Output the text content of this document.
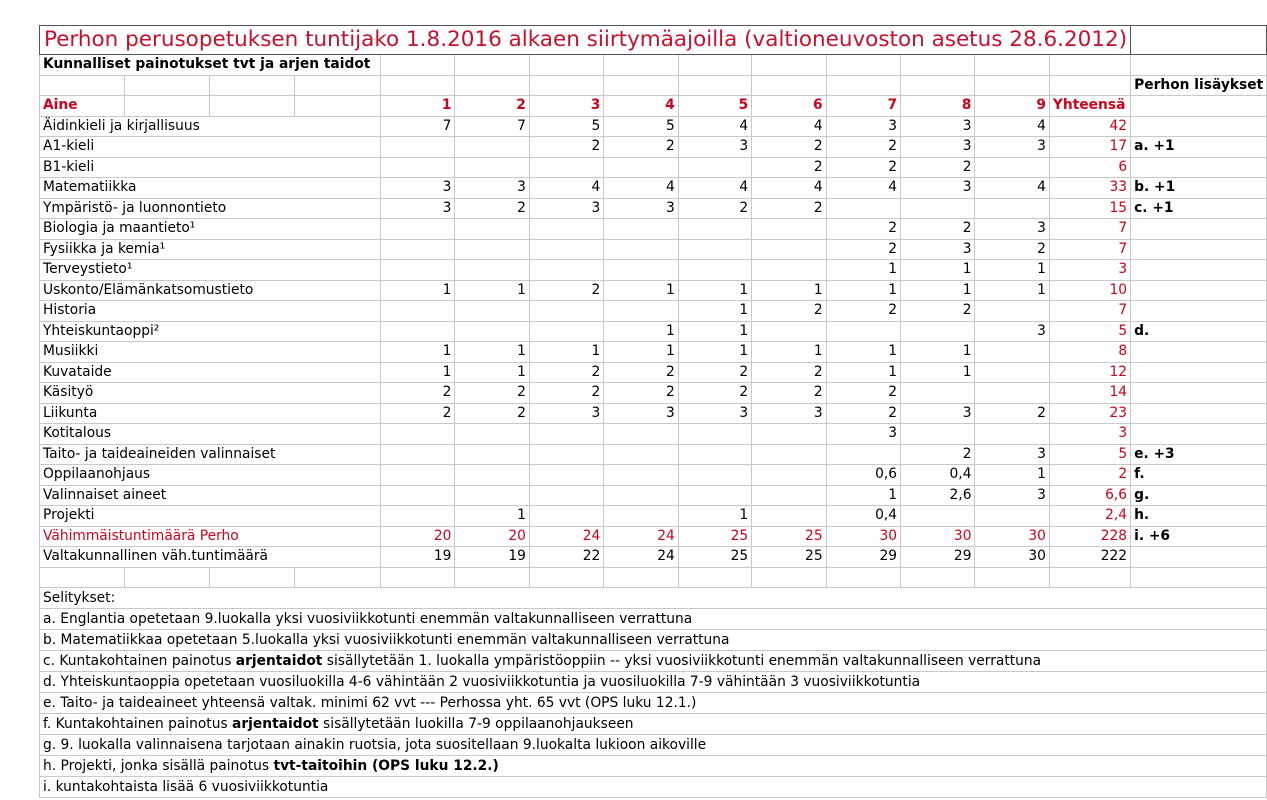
Perhon perusopetuksen tuntijako 1.8.2016 alkaen siirtymäajoilla (valtioneuvoston asetus 28.6.2012)														
Kunnalliset painotukset tvt ja arjen taidot														
														Perhon lisäykset
Aine				1	2	3	4	5	6	7	8	9	Yhteensä	
Äidinkieli ja kirjallisuus				7	7	5	5	4	4	3	3	4	42	
A1-kieli						2	2	3	2	2	3	3	17	a. +1
B1-kieli									2	2	2		6	
Matematiikka				3	3	4	4	4	4	4	3	4	33	b. +1
Ympäristö- ja luonnontieto				3	2	3	3	2	2				15	c. +1
Biologia ja maantieto¹										2	2	3	7	
Fysiikka ja kemia¹										2	3	2	7	
Terveystieto¹										1	1	1	3	
Uskonto/Elämänkatsomustieto				1	1	2	1	1	1	1	1	1	10	
Historia								1	2	2	2		7	
Yhteiskuntaoppi²							1	1				3	5	d.
Musiikki				1	1	1	1	1	1	1	1		8	
Kuvataide				1	1	2	2	2	2	1	1		12	
Käsityö				2	2	2	2	2	2	2			14	
Liikunta				2	2	3	3	3	3	2	3	2	23	
Kotitalous										3			3	
Taito- ja taideaineiden valinnaiset											2	3	5	e. +3
Oppilaanohjaus										0,6	0,4	1	2	f.
Valinnaiset aineet										1	2,6	3	6,6	g.
Projekti					1			1		0,4			2,4	h.
Vähimmäistuntimäärä Perho				20	20	24	24	25	25	30	30	30	228	i. +6
Valtakunnallinen väh.tuntimäärä				19	19	22	24	25	25	29	29	30	222	

Selitykset:														
a. Englantia opetetaan 9.luokalla yksi vuosiviikkotunti enemmän valtakunnalliseen verrattuna														
b. Matematiikkaa opetetaan 5.luokalla yksi vuosiviikkotunti enemmän valtakunnalliseen verrattuna														
c. Kuntakohtainen painotus arjentaidot sisällytetään 1. luokalla ympäristöoppiin -- yksi vuosiviikkotunti enemmän valtakunnalliseen verrattuna														
d. Yhteiskuntaoppia opetetaan vuosiluokilla 4-6 vähintään 2 vuosiviikkotuntia ja vuosiluokilla 7-9 vähintään 3 vuosiviikkotuntia														
e. Taito- ja taideaineet yhteensä valtak. minimi 62 vvt --- Perhossa yht. 65 vvt (OPS luku 12.1.)														
f. Kuntakohtainen painotus arjentaidot sisällytetään luokilla 7-9 oppilaanohjaukseen														
g. 9. luokalla valinnaisena tarjotaan ainakin ruotsia, jota suositellaan 9.luokalta lukioon aikoville														
h. Projekti, jonka sisällä painotus tvt-taitoihin (OPS luku 12.2.)														
i. kuntakohtaista lisää 6 vuosiviikkotuntia														
